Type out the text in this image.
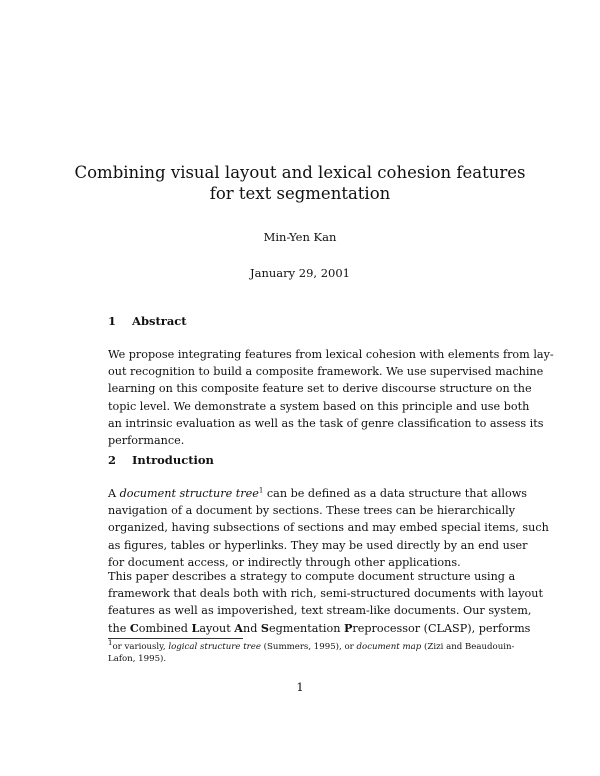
Combining visual layout and lexical cohesion features
for text segmentation
Min-Yen Kan
January 29, 2001
1 Abstract
We propose integrating features from lexical cohesion with elements from lay-
out recognition to build a composite framework. We use supervised machine
learning on this composite feature set to derive discourse structure on the
topic level. We demonstrate a system based on this principle and use both
an intrinsic evaluation as well as the task of genre classification to assess its
performance.
2 Introduction
A document structure tree$^1$ can be defined as a data structure that allows
navigation of a document by sections. These trees can be hierarchically
organized, having subsections of sections and may embed special items, such
as figures, tables or hyperlinks. They may be used directly by an end user
for document access, or indirectly through other applications.
This paper describes a strategy to compute document structure using a
framework that deals both with rich, semi-structured documents with layout
features as well as impoverished, text stream-like documents. Our system,
the Combined Layout And Segmentation Preprocessor (CLASP), performs
$^1$or variously, logical structure tree (Summers, 1995), or document map (Zizi and Beaudouin-
Lafon, 1995).
1
